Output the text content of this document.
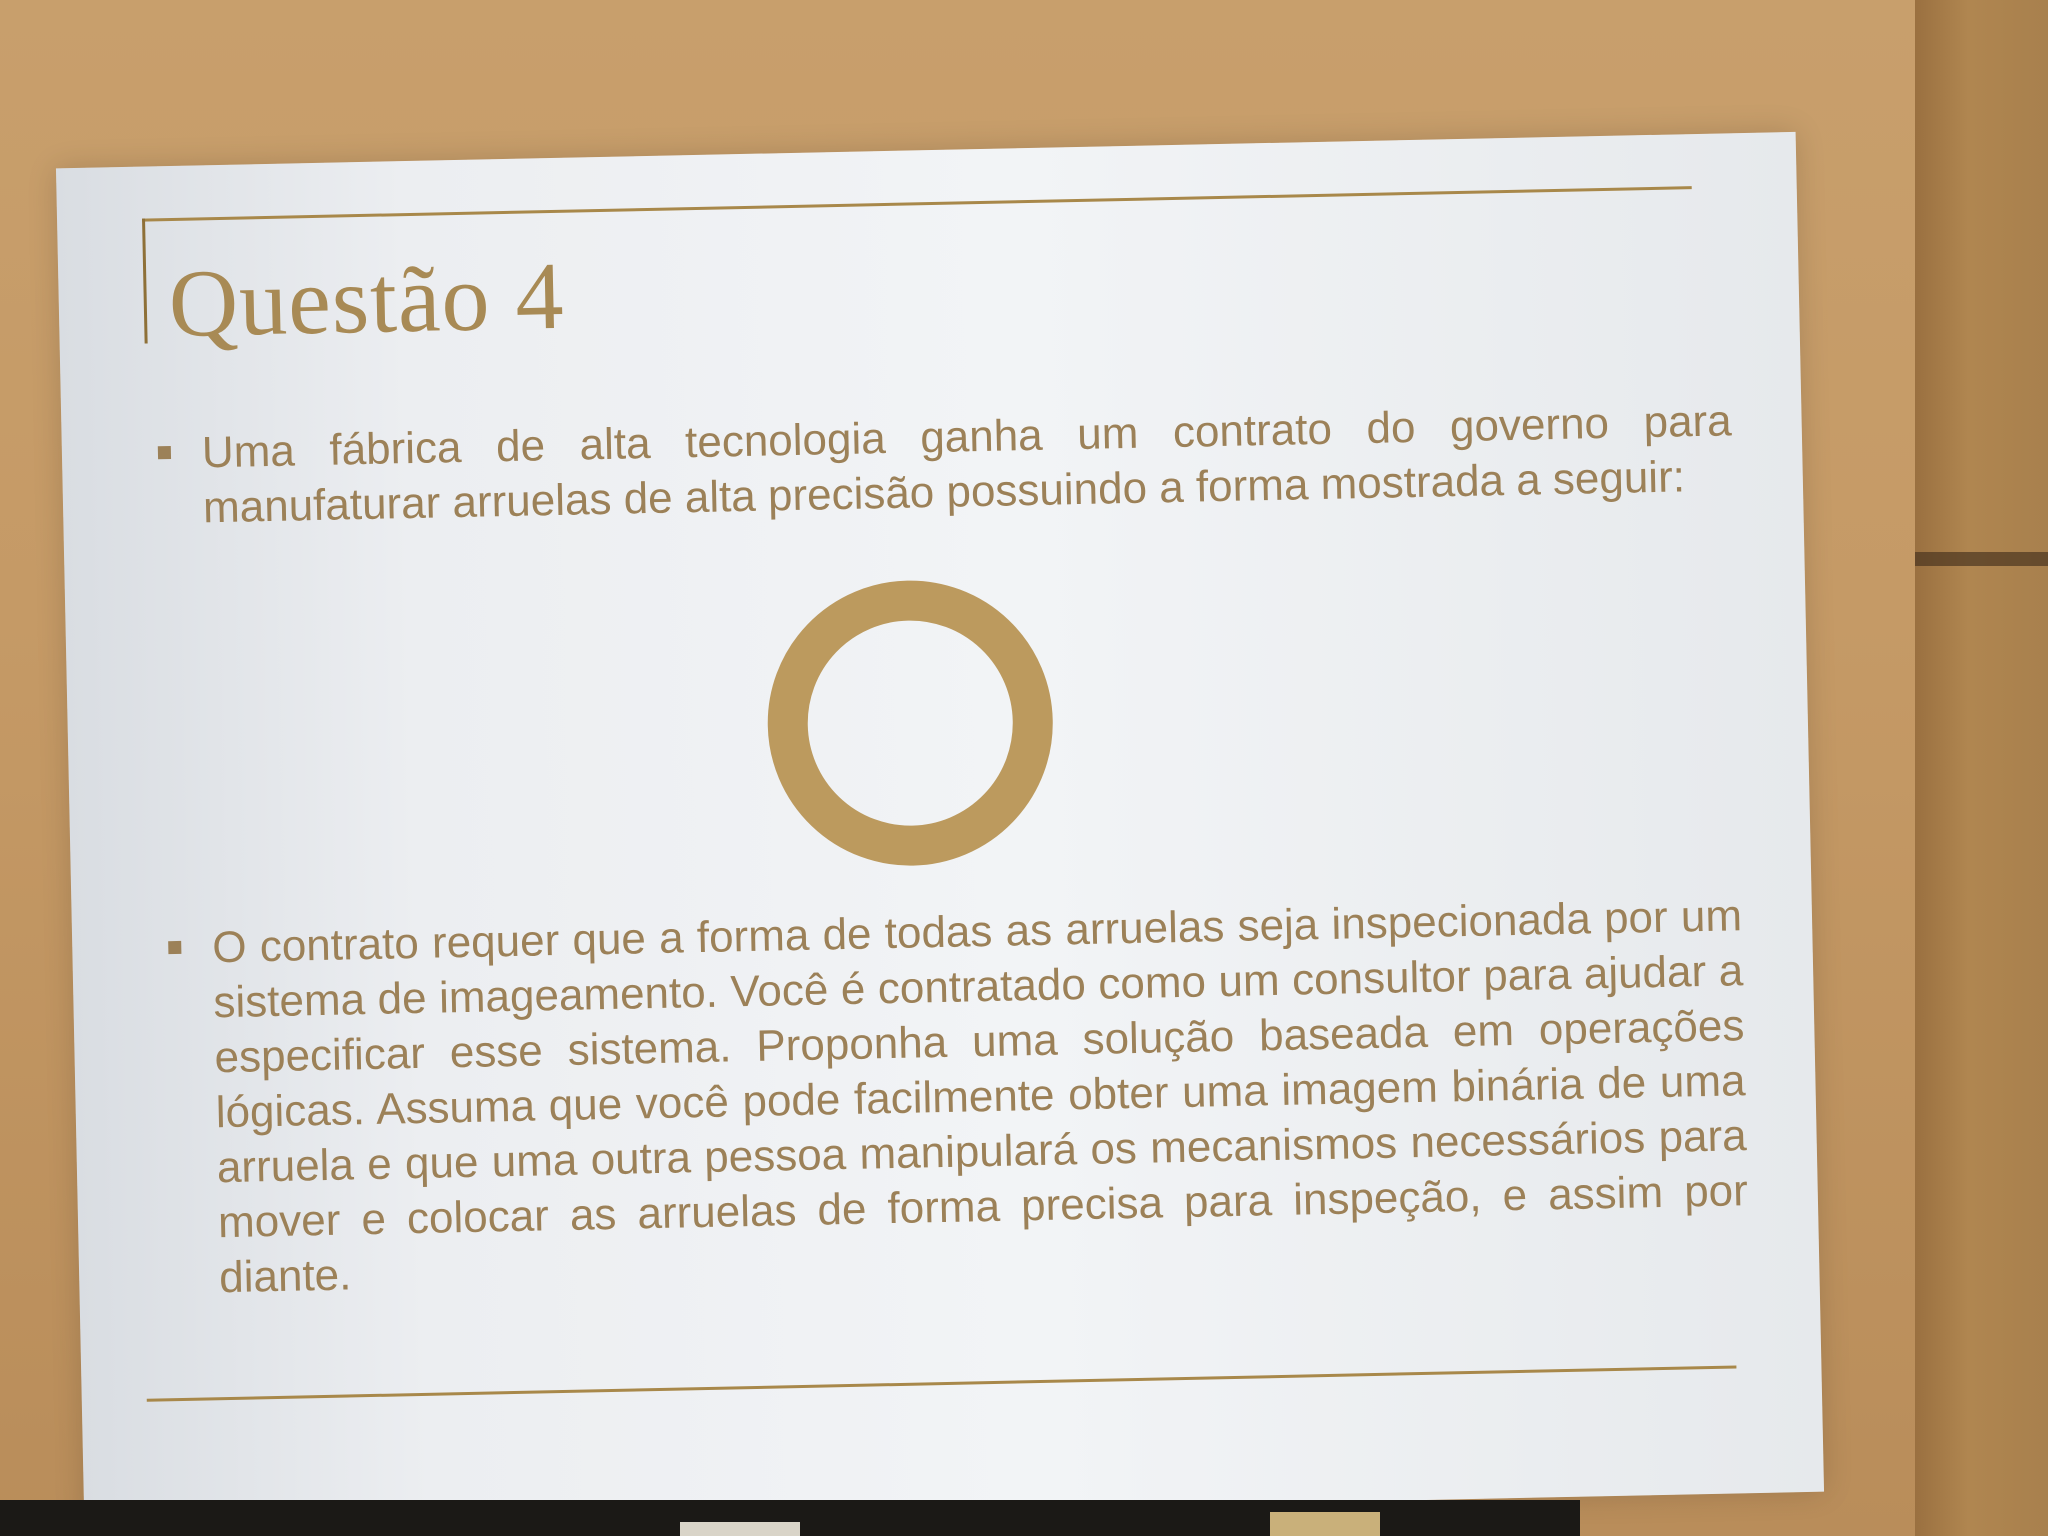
Questão 4
Uma fábrica de alta tecnologia ganha um contrato do governo para manufaturar arruelas de alta precisão possuindo a forma mostrada a seguir:
O contrato requer que a forma de todas as arruelas seja inspecionada por um sistema de imageamento. Você é contratado como um consultor para ajudar a especificar esse sistema. Proponha uma solução baseada em operações lógicas. Assuma que você pode facilmente obter uma imagem binária de uma arruela e que uma outra pessoa manipulará os mecanismos necessários para mover e colocar as arruelas de forma precisa para inspeção, e assim por diante.
